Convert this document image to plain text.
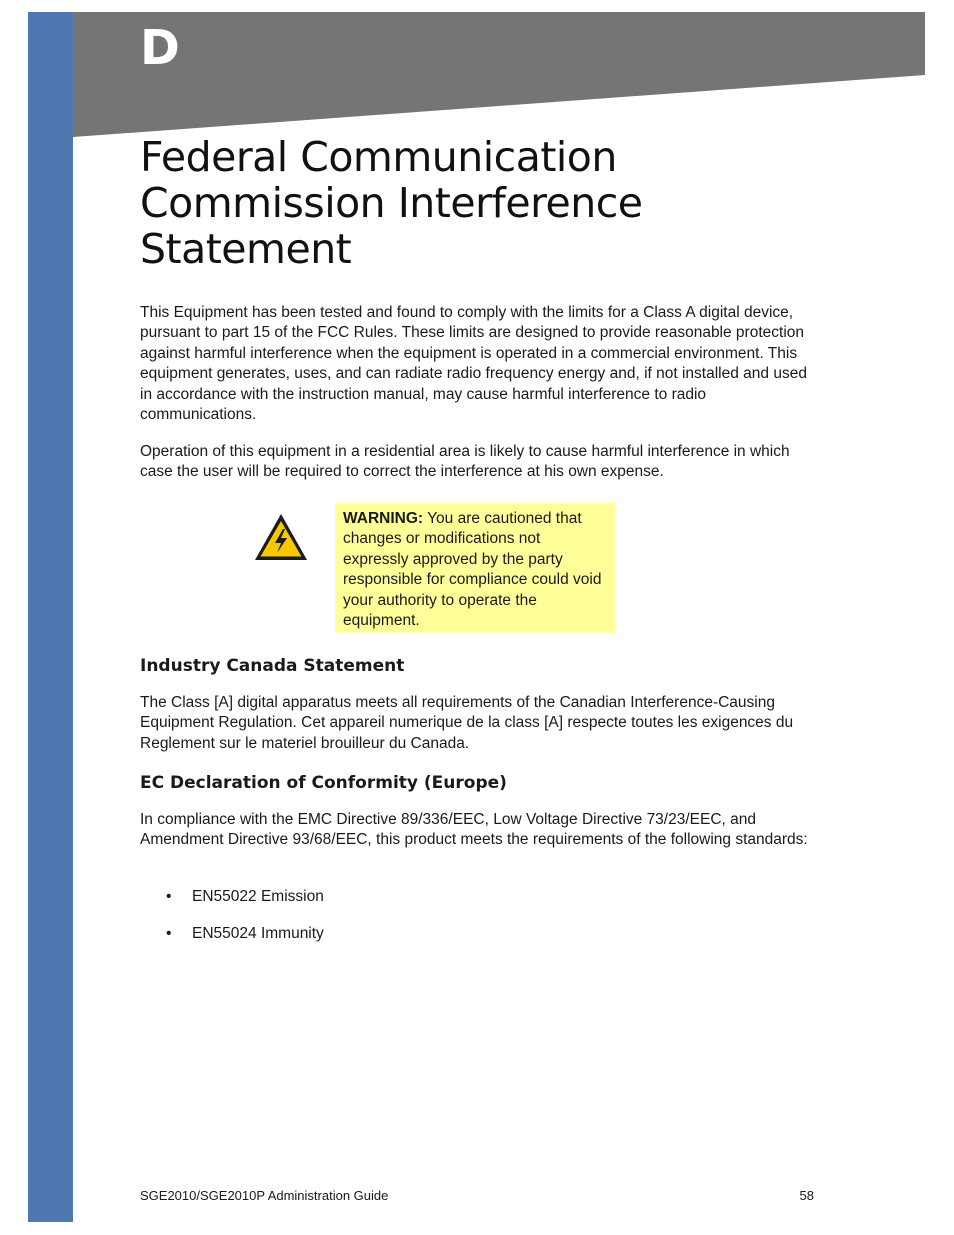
D
Federal Communication
Commission Interference
Statement

This Equipment has been tested and found to comply with the limits for a Class A digital device, pursuant to part 15 of the FCC Rules. These limits are designed to provide reasonable protection against harmful interference when the equipment is operated in a commercial environment. This equipment generates, uses, and can radiate radio frequency energy and, if not installed and used in accordance with the instruction manual, may cause harmful interference to radio communications.

Operation of this equipment in a residential area is likely to cause harmful interference in which case the user will be required to correct the interference at his own expense.

WARNING: You are cautioned that changes or modifications not expressly approved by the party responsible for compliance could void your authority to operate the equipment.
Industry Canada Statement

The Class [A] digital apparatus meets all requirements of the Canadian Interference-Causing Equipment Regulation. Cet appareil numerique de la class [A] respecte toutes les exigences du Reglement sur le materiel brouilleur du Canada.

EC Declaration of Conformity (Europe)

In compliance with the EMC Directive 89/336/EEC, Low Voltage Directive 73/23/EEC, and Amendment Directive 93/68/EEC, this product meets the requirements of the following standards:

• EN55022 Emission
• EN55024 Immunity

SGE2010/SGE2010P Administration Guide	58
